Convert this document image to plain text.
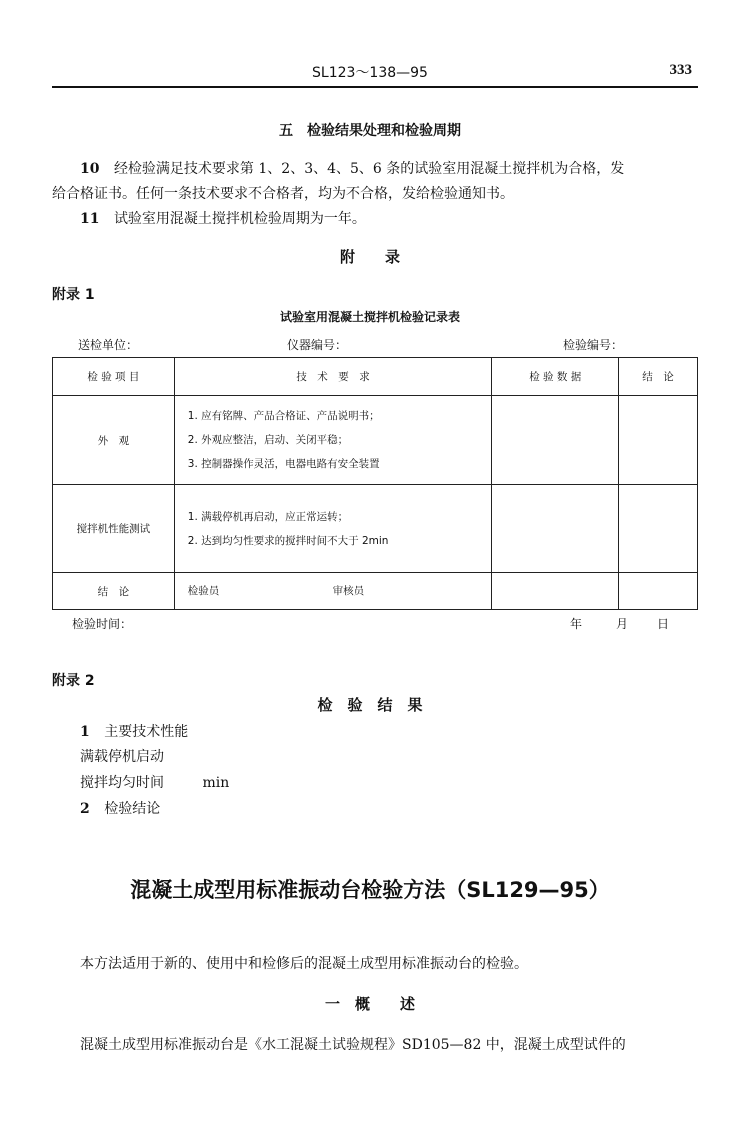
SL123～138—95	333
五　检验结果处理和检验周期
10 经检验满足技术要求第 1、2、3、4、5、6 条的试验室用混凝土搅拌机为合格，发
给合格证书。任何一条技术要求不合格者，均为不合格，发给检验通知书。
11 试验室用混凝土搅拌机检验周期为一年。
附　　录
附录 1
试验室用混凝土搅拌机检验记录表
送检单位：	仪器编号：	检验编号：
检 验 项 目	技　术　要　求	检 验 数 据	结　论
外　观	1. 应有铭牌、产品合格证、产品说明书；
2. 外观应整洁，启动、关闭平稳；
3. 控制器操作灵活，电器电路有安全装置		

搅拌机性能测试	1. 满载停机再启动，应正常运转；
2. 达到均匀性要求的搅拌时间不大于 2min		

结　论	检验员 审核员		
检验时间：	年	月 日
附录 2
检　验　结　果
1 主要技术性能
满载停机启动
搅拌均匀时间	min
2 检验结论
混凝土成型用标准振动台检验方法（SL129—95）
本方法适用于新的、使用中和检修后的混凝土成型用标准振动台的检验。
一　概　　述
混凝土成型用标准振动台是《水工混凝土试验规程》SD105—82 中，混凝土成型试件的
